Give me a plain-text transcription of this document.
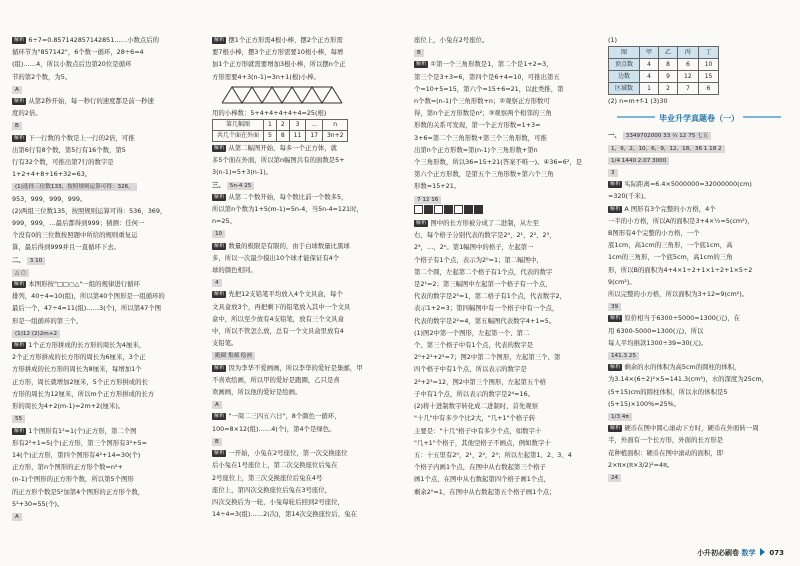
解析 6÷7=0.857142857142851……小数点后的
循环节为"857142"，6个数一循环，28÷6=4
(组)……4，所以小数点后边第20位是循环
节的第2个数，为5。
A
解析 从第2秒开始，每一秒行的速度都是前一秒速
度的2倍。
B
解析 下一行数的个数是上一行的2倍，可推
出第6行有8个数，第5行有16个数，第5
行有32个数，可推出第7行的数字是
1+2+4+8+16+32=63。
(1)选择三位数133，按照规则运算可得：326，
953，999，999，999。
(2)两组三位数135，按照规则运算可得：536，369，
999，999，…最后都得到999；猜测：任何一
个没有0的三位数按照题中所给的规则重复运
算，最后得到999并且一直循环下去。
二、 3 10
△ ○
解析 本图形按"□□○△"一组的规律进行循环
排列，40÷4=10(组)，所以第40个图形是一组循环的
最后一个，47÷4=11(组)……3(个)，所以第47个图
形是一组循环的第三个。
(1)12 (2)2m+2
解析 1个正方形拼成的长方形的周长为4厘米，
2个正方形拼成的长方形的周长为6厘米，3个正
方形拼成的长方形的周长为8厘米，每增加1个
正方形，周长就增加2厘米，5个正方形拼成的长
方形的周长为12厘米，所以m个正方形拼成的长方
形的周长为4+2(m-1)=2m+2(厘米)。
55
解析 1个图形有1²=1(个)正方形，第二个图
形有2²+1=5(个)正方形，第三个图形有3²+5=
14(个)正方形，第四个图形有4²+14=30(个)
正方形，第n个图形的正方形个数=n²+
(n-1)个图形的正方形个数，所以第5个图形
的正方形个数是5²加第4个图形的正方形个数，
5²+30=55(个)。
A
解析 摆1个正方形需4根小棒，摆2个正方形需
要7根小棒，摆3个正方形需要10根小棒，每增
加1个正方形就需要增加3根小棒，所以摆n个正
方形需要4+3(n-1)=3n+1(根)小棒。
用的小棒数：5+4+4+4+4+4=25(根)
第几幅图	1	2	3	…	n
共几个面在外面	5	8	11	17	3n+2
解析 从第二幅图开始，每多一个正方体，就
多5个面在外面，所以第n幅图共有的面数是5+
3(n-1)=5+3(n-1)。
三、 5n-4 25
解析 从第二个数开始，每个数比前一个数多5，
所以第n个数为1+5(m-1)=5n-4，当5n-4=121时，
n=25。
10
解析 数量的极限是有限的，由于白球数量比黑球
多，所以一次最少摸出10个球才能保证有4个
球的颜色相同。
4
解析 先把12支铅笔平均放入4个文具盒，每个
文具盒放3个，再把剩下的铅笔放入其中一个文具
盒中，所以至少放有4支铅笔，放有三个文具盒
中，所以不管怎么放，总有一个文具盒里放有4
支铅笔。
跑圈 集邮 绘画
解析 因为李华不爱画画，所以李华的爱好是集邮，甲
不喜欢绘画，所以甲的爱好是跑圈，乙只是喜
欢画画，所以他的爱好是绘画。
A
解析 "一周二三四五六日"，8个颜色一循环，
100=8×12(组)……4(个)，第4个是绿色。
B
解析 一开始，小兔在2号座位，第一次交换座位
后小兔在1号座位上，第二次交换座位后兔在
2号座位上，第三次交换座位后兔在4号
座位上，第四次交换座位后兔在3号座位，
四次交换后为一轮，小兔每轮后回到2号座位，
14÷4=3(组)……2(次)，第14次交换座位后，兔在
座位上，小兔在2号座位。
B
解析 ①第一个三角形数是1，第二个是1+2=3，
第三个是3+3=6，第四个是6+4=10，可推出第五
个=10+5=15，第六个=15+6=21，以此类推，第
n个数=(n-1)个三角形数+n；②观察正方形数可
得，第n个正方形数是n²；③观察两个相邻的三角
形数的关系可发现，第一个正方形数=1+3=
3+6=第二个三角形数+第三个三角形数，可推
出第n个正方形数=第(n-1)个三角形数+第n
个三角形数，所以36=15+21(答案不唯一)。④36=6²，是
第六个正方形数，是第五个三角形数+第六个三角
形数=15+21。
7 12 16
解析 图中的长方形被分成了二进制，从左至
右，每个格子分别代表的数字是2⁰，2¹，2²，2³，
2⁴，…，2ⁿ。第1幅图中的格子，左起第一
个格子有1个点，表示为2⁰=1；第二幅图中，
第二个圆，左起第二个格子有1个点，代表的数字
是2¹=2；第三幅图中左起第一个格子有一个点，
代表的数字是2⁰=1，第二格子有1个点，代表数字2，
表示1+2=3；第四幅图中有一个格子中有一个点，
代表的数字是2²=4，第五幅图代表数字4+1=5。
(1)图2中第一个图形，左起第一个、第二
个、第三个格子中有1个点，代表的数字是
2⁰+2¹+2²=7；图2中第二个图形，左起第三个、第
四个格子中有1个点，所以表示的数字是
2²+2³=12，图2中第三个图形，左起第五个格
子中有1个点，所以表示的数字是2⁴=16。
(2)将十进制数字转化成二进制时，首先观察
"十几"中有多少个比2大，"几+1"个格子转
主要是："十几"格子中有多少个点，如数字十
"几+1"个格子，其他空格子不画点，例如数字十
五：十五里有2⁰，2¹，2²，2³；所以左起第1、2、3、4
个格子内画1个点，在图中从右数起第三个格子
画1个点，在图中从右数起第四个格子画1个点，
剩余2⁰=1，在图中从右数起第五个格子画1个点；
(1)
图	甲	乙	丙	丁
顶点数	4	8	6	10
边数	4	9	12	15
区域数	1	2	7	6
(2) n=m+f-1 (3)30
毕业升学真题卷（一）
一、 3349702000 33 ⅓ 12 75 七五
1，9，2，10，6，9，12，18，36 1 18 2
1/4 1440 2.07 3000
3
解析 实际距离=6.4×5000000=32000000(cm)
=320(千米)。
解析 A 图形有3个完整的小方格，4个
一半的小方格，所以A的面积是3+4×½=5(cm²)，
B图形有4个完整的小方格，一个
底1cm，高1cm的三角形，一个底1cm，高
1cm的三角形，一个底5cm，高1cm的三角
形，所以B的面积为4+4×1÷2+1×1÷2+1×5÷2
9(cm²)。
所以完整的小方格，所以面积为3+12=9(cm²)。
39
解析 原价相当于6300÷5000=1300(元)，在
用 6300-5000=1300(元)，所以
每人平均捐款1300÷39=30(元)。
141.3 25
解析 剩余的水的体积为高5cm的圆柱的体积，
为3.14×(6÷2)²×5=141.3(cm³)，水的深度为25cm，
(5+15)cm的圆柱体积，所以水的体积是5
(5+15)×100%=25%。
1/3 4π
解析 硬币在图中圆心滚动下方时，硬币在外面转一周
半，外面有一个长方形，外面的长方形是
花种植面积：硬币在图中滚动的面积，即
2×π×(π×3/2)²=4π。
24
小升初必刷卷 数学 073
